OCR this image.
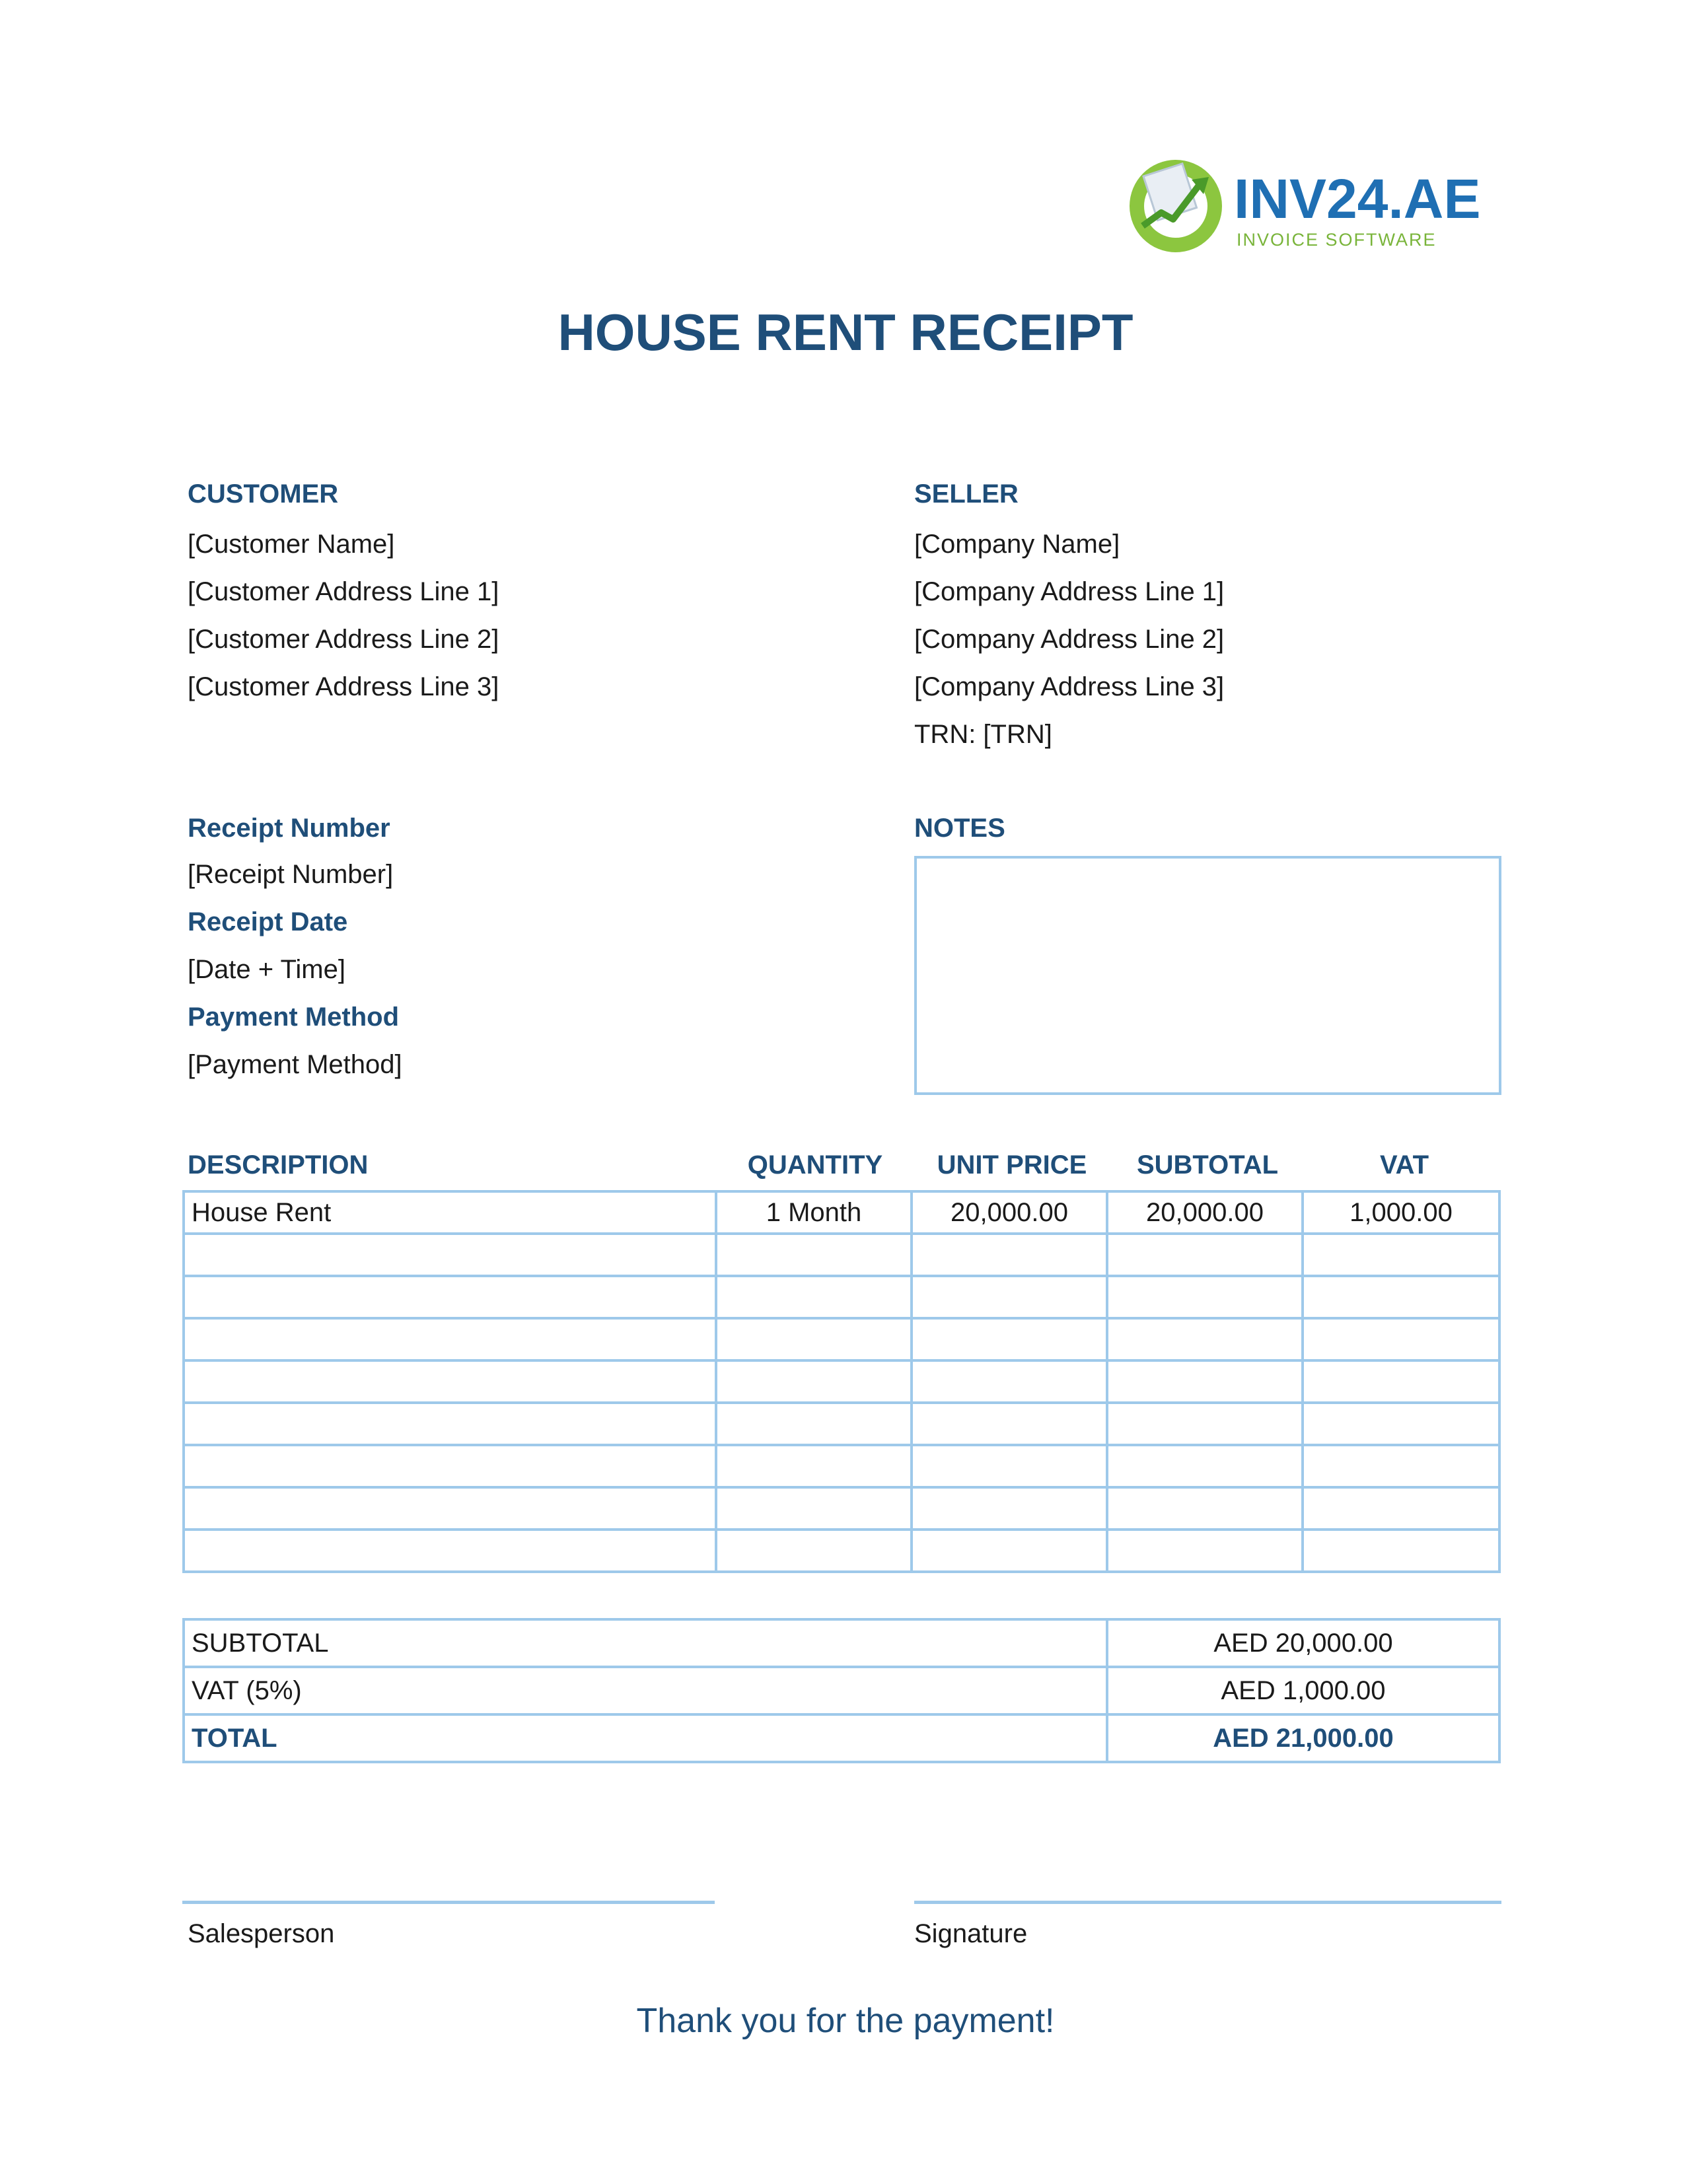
INV24.AE
INVOICE SOFTWARE
HOUSE RENT RECEIPT
CUSTOMER
[Customer Name]
[Customer Address Line 1]
[Customer Address Line 2]
[Customer Address Line 3]
SELLER
[Company Name]
[Company Address Line 1]
[Company Address Line 2]
[Company Address Line 3]
TRN: [TRN]
Receipt Number
[Receipt Number]
Receipt Date
[Date + Time]
Payment Method
[Payment Method]
NOTES
DESCRIPTION	QUANTITY	UNIT PRICE	SUBTOTAL	VAT
House Rent	1 Month	20,000.00	20,000.00	1,000.00

SUBTOTAL	AED 20,000.00
VAT (5%)	AED 1,000.00
TOTAL	AED 21,000.00
Salesperson	Signature
Thank you for the payment!
